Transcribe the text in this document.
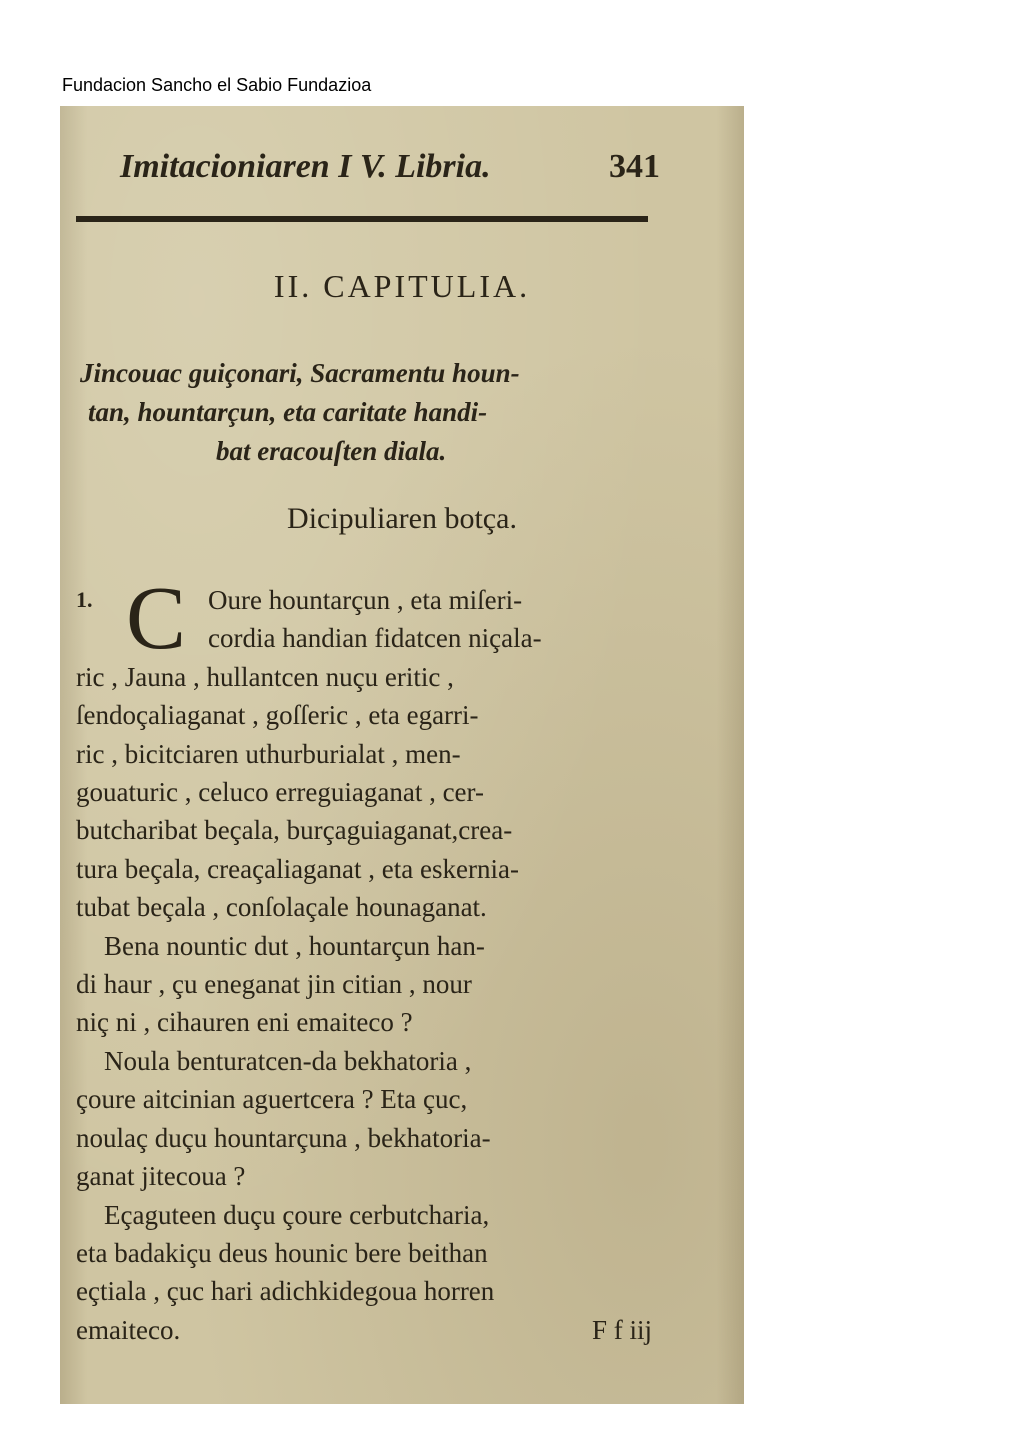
Fundacion Sancho el Sabio Fundazioa
Imitacioniaren I V. Libria.	341
II. CAPITULIA.
Jincouac guiçonari, Sacramentu houn-
tan, hountarçun, eta caritate handi-
bat eracouſten diala.
Dicipuliaren botça.
1. C Oure hountarçun , eta miſeri-
cordia handian fidatcen niçala-
ric , Jauna , hullantcen nuçu eritic ,
ſendoçaliaganat , goſſeric , eta egarri-
ric , bicitciaren uthurburialat , men-
gouaturic , celuco erreguiaganat , cer-
butcharibat beçala, burçaguiaganat,crea-
tura beçala, creaçaliaganat , eta eskernia-
tubat beçala , conſolaçale hounaganat.
Bena nountic dut , hountarçun han-
di haur , çu eneganat jin citian , nour
niç ni , cihauren eni emaiteco ?
Noula benturatcen-da bekhatoria ,
çoure aitcinian aguertcera ? Eta çuc,
noulaç duçu hountarçuna , bekhatoria-
ganat jitecoua ?
Eçaguteen duçu çoure cerbutcharia,
eta badakiçu deus hounic bere beithan
eçtiala , çuc hari adichkidegoua horren
emaiteco.	F f iij
